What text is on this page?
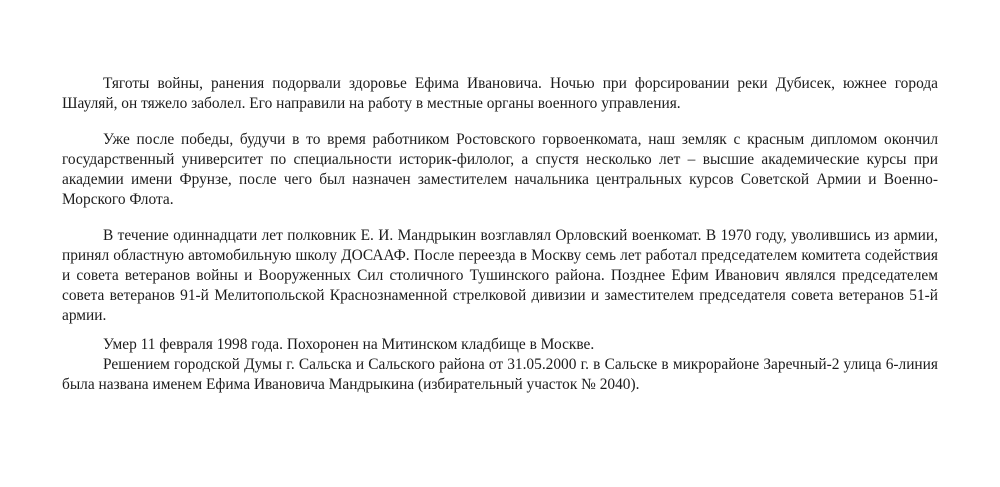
Тяготы войны, ранения подорвали здоровье Ефима Ивановича. Ночью при форсировании реки Дубисек, южнее города Шауляй, он тяжело заболел. Его направили на работу в местные органы военного управления.

Уже после победы, будучи в то время работником Ростовского горвоенкомата, наш земляк с красным дипломом окончил государственный университет по специальности историк-филолог, а спустя несколько лет – высшие академические курсы при академии имени Фрунзе, после чего был назначен заместителем начальника центральных курсов Советской Армии и Военно-Морского Флота.

В течение одиннадцати лет полковник Е. И. Мандрыкин возглавлял Орловский военкомат. В 1970 году, уволившись из армии, принял областную автомобильную школу ДОСААФ. После переезда в Москву семь лет работал председателем комитета содействия и совета ветеранов войны и Вооруженных Сил столичного Тушинского района. Позднее Ефим Иванович являлся председателем совета ветеранов 91-й Мелитопольской Краснознаменной стрелковой дивизии и заместителем председателя совета ветеранов 51-й армии.

Умер 11 февраля 1998 года. Похоронен на Митинском кладбище в Москве.

Решением городской Думы г. Сальска и Сальского района от 31.05.2000 г. в Сальске в микрорайоне Заречный-2 улица 6-линия была названа именем Ефима Ивановича Мандрыкина (избирательный участок № 2040).
